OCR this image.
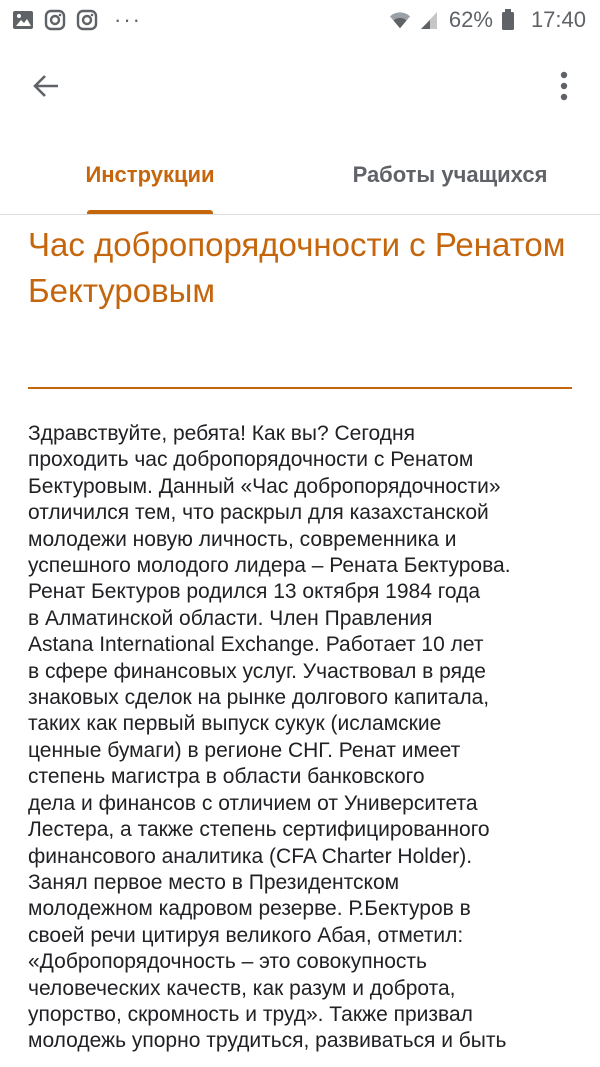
···	62% 17:40
Инструкции	Работы учащихся
Час добропорядочности с Ренатом Бектуровым

Здравствуйте, ребята! Как вы? Сегодня
проходить час добропорядочности с Ренатом
Бектуровым. Данный «Час добропорядочности»
отличился тем, что раскрыл для казахстанской
молодежи новую личность, современника и
успешного молодого лидера – Рената Бектурова.
Ренат Бектуров родился 13 октября 1984 года
в Алматинской области. Член Правления
Astana International Exchange. Работает 10 лет
в сфере финансовых услуг. Участвовал в ряде
знаковых сделок на рынке долгового капитала,
таких как первый выпуск сукук (исламские
ценные бумаги) в регионе СНГ. Ренат имеет
степень магистра в области банковского
дела и финансов с отличием от Университета
Лестера, а также степень сертифицированного
финансового аналитика (CFA Charter Holder).
Занял первое место в Президентском
молодежном кадровом резерве. Р.Бектуров в
своей речи цитируя великого Абая, отметил:
«Добропорядочность – это совокупность
человеческих качеств, как разум и доброта,
упорство, скромность и труд». Также призвал
молодежь упорно трудиться, развиваться и быть
